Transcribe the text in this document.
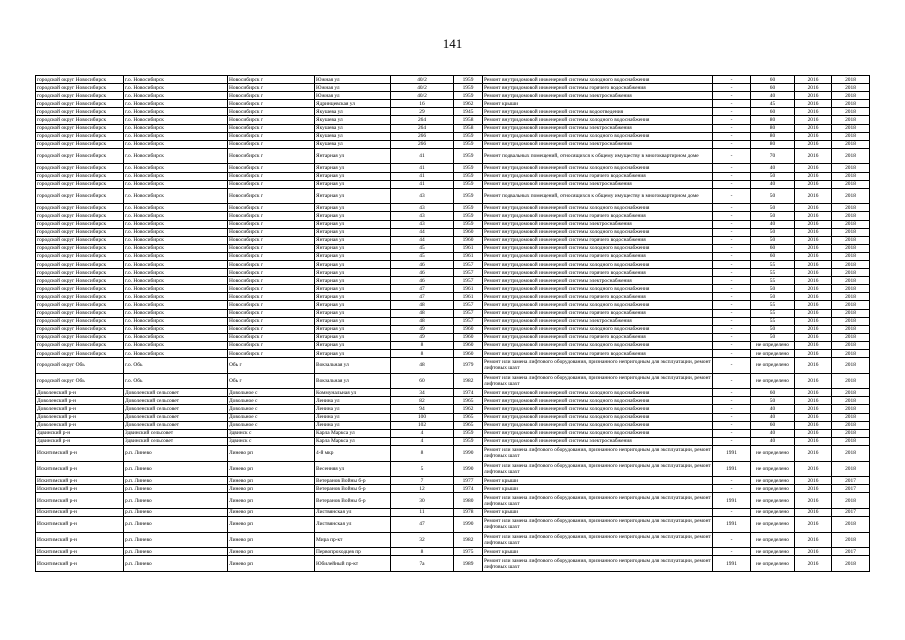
141
городской округ Новосибирск	г.о. Новосибирск	Новосибирск г	Южная ул	40/2	1959	Ремонт внутридомовой инженерной системы холодного водоснабжения	-	60	2016	2018
городской округ Новосибирск	г.о. Новосибирск	Новосибирск г	Южная ул	40/2	1959	Ремонт внутридомовой инженерной системы горячего водоснабжения	-	60	2016	2018
городской округ Новосибирск	г.о. Новосибирск	Новосибирск г	Южная ул	40/2	1959	Ремонт внутридомовой инженерной системы электроснабжения	-	40	2016	2018
городской округ Новосибирск	г.о. Новосибирск	Новосибирск г	Ядринцевская ул	16	1962	Ремонт крыши	-	45	2016	2018
городской округ Новосибирск	г.о. Новосибирск	Новосибирск г	Якушева ул	29	1945	Ремонт внутридомовой инженерной системы водоотведения	-	60	2016	2018
городской округ Новосибирск	г.о. Новосибирск	Новосибирск г	Якушева ул	264	1958	Ремонт внутридомовой инженерной системы холодного водоснабжения	-	80	2016	2018
городской округ Новосибирск	г.о. Новосибирск	Новосибирск г	Якушева ул	264	1958	Ремонт внутридомовой инженерной системы электроснабжения	-	80	2016	2018
городской округ Новосибирск	г.о. Новосибирск	Новосибирск г	Якушева ул	266	1959	Ремонт внутридомовой инженерной системы холодного водоснабжения	-	80	2016	2018
городской округ Новосибирск	г.о. Новосибирск	Новосибирск г	Якушева ул	266	1959	Ремонт внутридомовой инженерной системы электроснабжения	-	80	2016	2018
городской округ Новосибирск	г.о. Новосибирск	Новосибирск г	Янтарная ул	41	1959	Ремонт подвальных помещений, относящихся к общему имуществу в многоквартирном доме	-	70	2016	2018
городской округ Новосибирск	г.о. Новосибирск	Новосибирск г	Янтарная ул	41	1959	Ремонт внутридомовой инженерной системы холодного водоснабжения	-	40	2016	2018
городской округ Новосибирск	г.о. Новосибирск	Новосибирск г	Янтарная ул	41	1959	Ремонт внутридомовой инженерной системы горячего водоснабжения	-	50	2016	2018
городской округ Новосибирск	г.о. Новосибирск	Новосибирск г	Янтарная ул	41	1959	Ремонт внутридомовой инженерной системы электроснабжения	-	40	2016	2018
городской округ Новосибирск	г.о. Новосибирск	Новосибирск г	Янтарная ул	43	1959	Ремонт подвальных помещений, относящихся к общему имуществу в многоквартирном доме	-	50	2016	2018
городской округ Новосибирск	г.о. Новосибирск	Новосибирск г	Янтарная ул	43	1959	Ремонт внутридомовой инженерной системы холодного водоснабжения	-	50	2016	2018
городской округ Новосибирск	г.о. Новосибирск	Новосибирск г	Янтарная ул	43	1959	Ремонт внутридомовой инженерной системы горячего водоснабжения	-	50	2016	2018
городской округ Новосибирск	г.о. Новосибирск	Новосибирск г	Янтарная ул	43	1959	Ремонт внутридомовой инженерной системы электроснабжения	-	40	2016	2018
городской округ Новосибирск	г.о. Новосибирск	Новосибирск г	Янтарная ул	44	1960	Ремонт внутридомовой инженерной системы холодного водоснабжения	-	50	2016	2018
городской округ Новосибирск	г.о. Новосибирск	Новосибирск г	Янтарная ул	44	1960	Ремонт внутридомовой инженерной системы горячего водоснабжения	-	50	2016	2018
городской округ Новосибирск	г.о. Новосибирск	Новосибирск г	Янтарная ул	45	1961	Ремонт внутридомовой инженерной системы холодного водоснабжения	-	60	2016	2018
городской округ Новосибирск	г.о. Новосибирск	Новосибирск г	Янтарная ул	45	1961	Ремонт внутридомовой инженерной системы горячего водоснабжения	-	60	2016	2018
городской округ Новосибирск	г.о. Новосибирск	Новосибирск г	Янтарная ул	46	1957	Ремонт внутридомовой инженерной системы холодного водоснабжения	-	55	2016	2018
городской округ Новосибирск	г.о. Новосибирск	Новосибирск г	Янтарная ул	46	1957	Ремонт внутридомовой инженерной системы горячего водоснабжения	-	55	2016	2018
городской округ Новосибирск	г.о. Новосибирск	Новосибирск г	Янтарная ул	46	1957	Ремонт внутридомовой инженерной системы электроснабжения	-	55	2016	2018
городской округ Новосибирск	г.о. Новосибирск	Новосибирск г	Янтарная ул	47	1961	Ремонт внутридомовой инженерной системы холодного водоснабжения	-	50	2016	2018
городской округ Новосибирск	г.о. Новосибирск	Новосибирск г	Янтарная ул	47	1961	Ремонт внутридомовой инженерной системы горячего водоснабжения	-	50	2016	2018
городской округ Новосибирск	г.о. Новосибирск	Новосибирск г	Янтарная ул	48	1957	Ремонт внутридомовой инженерной системы холодного водоснабжения	-	55	2016	2018
городской округ Новосибирск	г.о. Новосибирск	Новосибирск г	Янтарная ул	48	1957	Ремонт внутридомовой инженерной системы горячего водоснабжения	-	55	2016	2018
городской округ Новосибирск	г.о. Новосибирск	Новосибирск г	Янтарная ул	48	1957	Ремонт внутридомовой инженерной системы электроснабжения	-	55	2016	2018
городской округ Новосибирск	г.о. Новосибирск	Новосибирск г	Янтарная ул	49	1960	Ремонт внутридомовой инженерной системы холодного водоснабжения	-	50	2016	2018
городской округ Новосибирск	г.о. Новосибирск	Новосибирск г	Янтарная ул	49	1960	Ремонт внутридомовой инженерной системы горячего водоснабжения	-	50	2016	2018
городской округ Новосибирск	г.о. Новосибирск	Новосибирск г	Янтарная ул	8	1960	Ремонт внутридомовой инженерной системы холодного водоснабжения	-	не определено	2016	2018
городской округ Новосибирск	г.о. Новосибирск	Новосибирск г	Янтарная ул	8	1960	Ремонт внутридомовой инженерной системы горячего водоснабжения	-	не определено	2016	2018
городской округ Обь	г.о. Обь	Обь г	Вокзальная ул	48	1979	Ремонт или замена лифтового оборудования, признанного непригодным для эксплуатации, ремонт лифтовых шахт	-	не определено	2016	2018
городской округ Обь	г.о. Обь	Обь г	Вокзальная ул	60	1982	Ремонт или замена лифтового оборудования, признанного непригодным для эксплуатации, ремонт лифтовых шахт	-	не определено	2016	2018
Доволенский р-н	Доволенский сельсовет	Довольное с	Коммунальная ул	34	1974	Ремонт внутридомовой инженерной системы холодного водоснабжения	-	60	2016	2018
Доволенский р-н	Доволенский сельсовет	Довольное с	Ленина ул	82	1965	Ремонт внутридомовой инженерной системы холодного водоснабжения	-	50	2016	2018
Доволенский р-н	Доволенский сельсовет	Довольное с	Ленина ул	94	1962	Ремонт внутридомовой инженерной системы холодного водоснабжения	-	40	2016	2018
Доволенский р-н	Доволенский сельсовет	Довольное с	Ленина ул	100	1965	Ремонт внутридомовой инженерной системы холодного водоснабжения	-	40	2016	2018
Доволенский р-н	Доволенский сельсовет	Довольное с	Ленина ул	102	1965	Ремонт внутридомовой инженерной системы холодного водоснабжения	-	60	2016	2018
Здвинский р-н	Здвинский сельсовет	Здвинск с	Карла Маркса ул	4	1959	Ремонт внутридомовой инженерной системы холодного водоснабжения	-	40	2016	2018
Здвинский р-н	Здвинский сельсовет	Здвинск с	Карла Маркса ул	4	1959	Ремонт внутридомовой инженерной системы электроснабжения	-	40	2016	2018
Искитимский р-н	р.п. Линево	Линево рп	4-й мкр	8	1990	Ремонт или замена лифтового оборудования, признанного непригодным для эксплуатации, ремонт лифтовых шахт	1991	не определено	2016	2018
Искитимский р-н	р.п. Линево	Линево рп	Весенняя ул	5	1990	Ремонт или замена лифтового оборудования, признанного непригодным для эксплуатации, ремонт лифтовых шахт	1991	не определено	2016	2018
Искитимский р-н	р.п. Линево	Линево рп	Ветеранов Войны б-р	7	1977	Ремонт крыши	-	не определено	2016	2017
Искитимский р-н	р.п. Линево	Линево рп	Ветеранов Войны б-р	12	1974	Ремонт крыши	-	не определено	2016	2017
Искитимский р-н	р.п. Линево	Линево рп	Ветеранов Войны б-р	30	1980	Ремонт или замена лифтового оборудования, признанного непригодным для эксплуатации, ремонт лифтовых шахт	1991	не определено	2016	2018
Искитимский р-н	р.п. Линево	Линево рп	Листвянская ул	11	1978	Ремонт крыши	-	не определено	2016	2017
Искитимский р-н	р.п. Линево	Линево рп	Листвянская ул	47	1990	Ремонт или замена лифтового оборудования, признанного непригодным для эксплуатации, ремонт лифтовых шахт	1991	не определено	2016	2018
Искитимский р-н	р.п. Линево	Линево рп	Мира пр-кт	32	1982	Ремонт или замена лифтового оборудования, признанного непригодным для эксплуатации, ремонт лифтовых шахт	-	не определено	2016	2018
Искитимский р-н	р.п. Линево	Линево рп	Первопроходцев пр	8	1975	Ремонт крыши	-	не определено	2016	2017
Искитимский р-н	р.п. Линево	Линево рп	Юбилейный пр-кт	7а	1989	Ремонт или замена лифтового оборудования, признанного непригодным для эксплуатации, ремонт лифтовых шахт	1991	не определено	2016	2018
